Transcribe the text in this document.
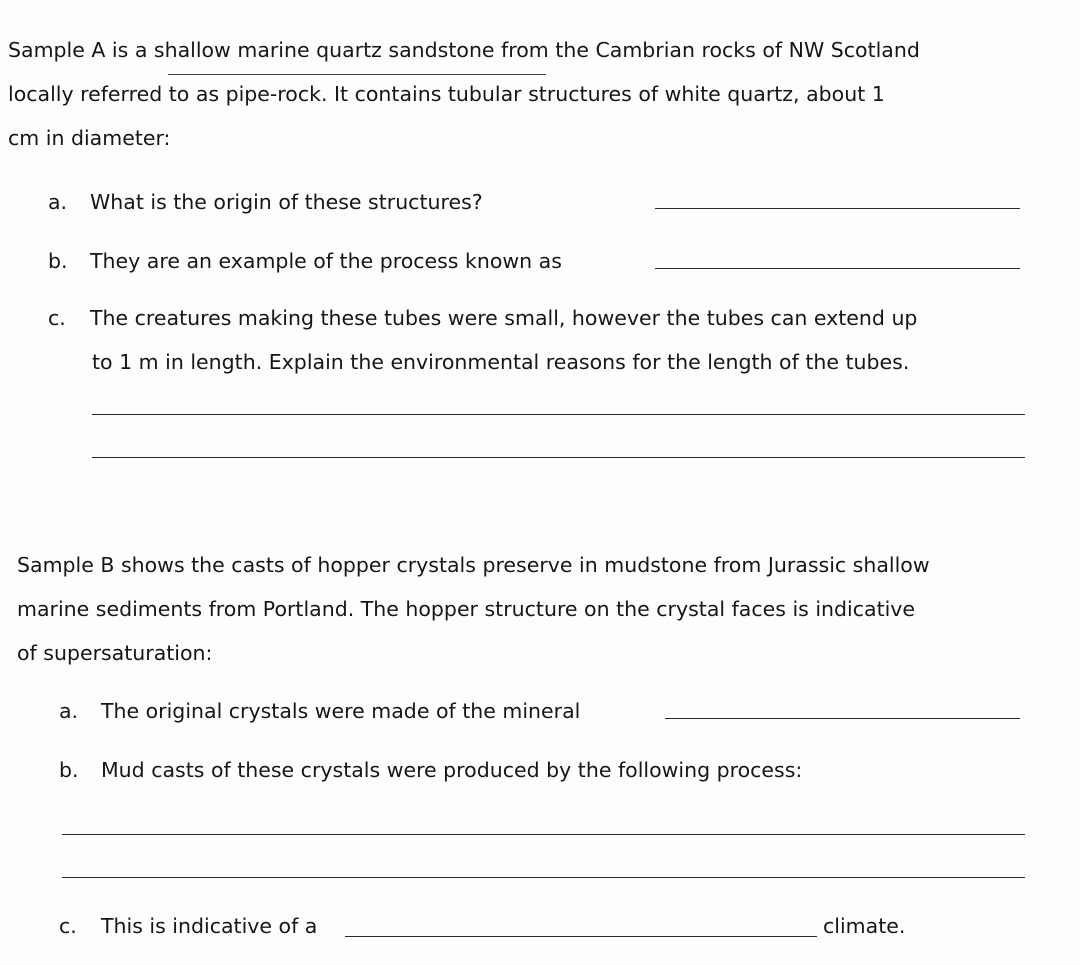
Sample A is a shallow marine quartz sandstone from the Cambrian rocks of NW Scotland
locally referred to as pipe-rock. It contains tubular structures of white quartz, about 1
cm in diameter:
a. What is the origin of these structures?
b. They are an example of the process known as
c. The creatures making these tubes were small, however the tubes can extend up
to 1 m in length. Explain the environmental reasons for the length of the tubes.
Sample B shows the casts of hopper crystals preserve in mudstone from Jurassic shallow
marine sediments from Portland. The hopper structure on the crystal faces is indicative
of supersaturation:
a. The original crystals were made of the mineral
b. Mud casts of these crystals were produced by the following process:
c. This is indicative of a	climate.
